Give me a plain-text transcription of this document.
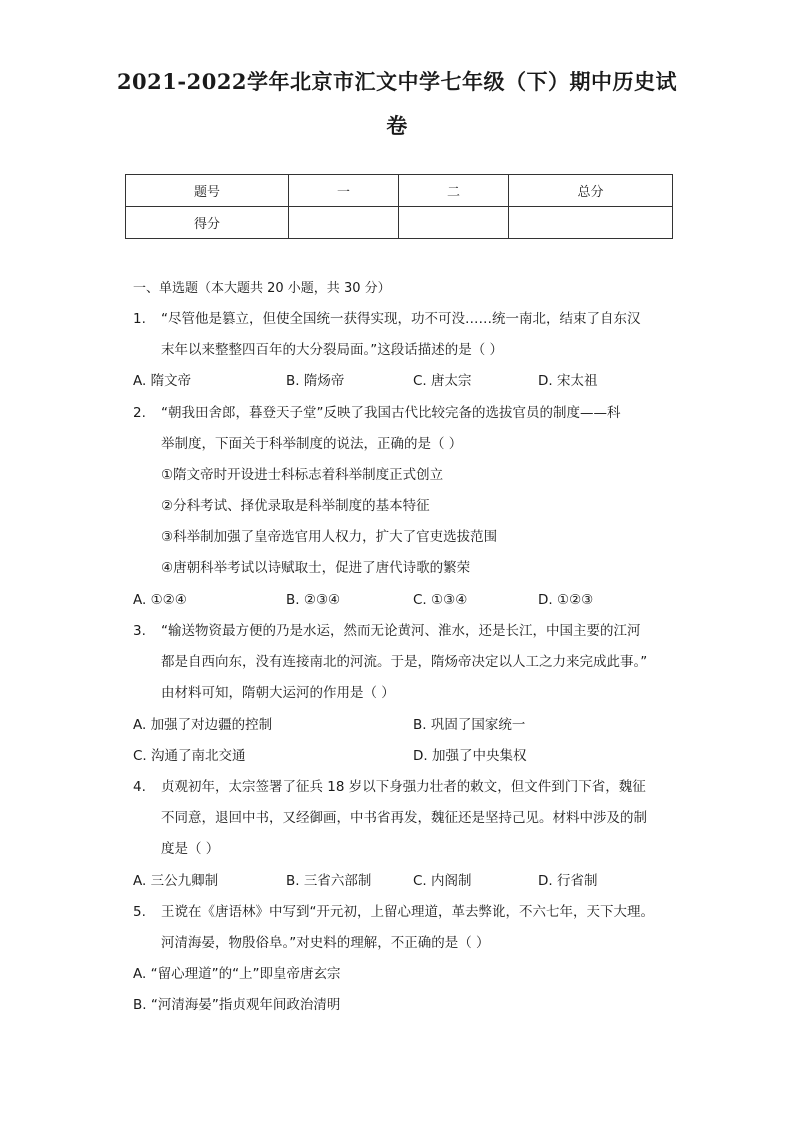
2021-2022学年北京市汇文中学七年级（下）期中历史试
卷
题号	一	二	总分
得分			
一、单选题（本大题共 20 小题，共 30 分）
1. “尽管他是篡立，但使全国统一获得实现，功不可没……统一南北，结束了自东汉
末年以来整整四百年的大分裂局面。”这段话描述的是（ ）
A. 隋文帝	B. 隋炀帝	C. 唐太宗	D. 宋太祖
2. “朝我田舍郎，暮登天子堂”反映了我国古代比较完备的选拔官员的制度——科
举制度，下面关于科举制度的说法，正确的是（ ）
①隋文帝时开设进士科标志着科举制度正式创立
②分科考试、择优录取是科举制度的基本特征
③科举制加强了皇帝选官用人权力，扩大了官吏选拔范围
④唐朝科举考试以诗赋取士，促进了唐代诗歌的繁荣
A. ①②④	B. ②③④	C. ①③④	D. ①②③
3. “输送物资最方便的乃是水运，然而无论黄河、淮水，还是长江，中国主要的江河
都是自西向东，没有连接南北的河流。于是，隋炀帝决定以人工之力来完成此事。”
由材料可知，隋朝大运河的作用是（ ）
A. 加强了对边疆的控制	B. 巩固了国家统一
C. 沟通了南北交通	D. 加强了中央集权
4. 贞观初年，太宗签署了征兵 18 岁以下身强力壮者的敕文，但文件到门下省，魏征
不同意，退回中书，又经御画，中书省再发，魏征还是坚持己见。材料中涉及的制
度是（ ）
A. 三公九卿制	B. 三省六部制	C. 内阁制	D. 行省制
5. 王谠在《唐语林》中写到“开元初，上留心理道，革去弊讹，不六七年，天下大理。
河清海晏，物殷俗阜。”对史料的理解，不正确的是（ ）
A. “留心理道”的“上”即皇帝唐玄宗
B. “河清海晏”指贞观年间政治清明
